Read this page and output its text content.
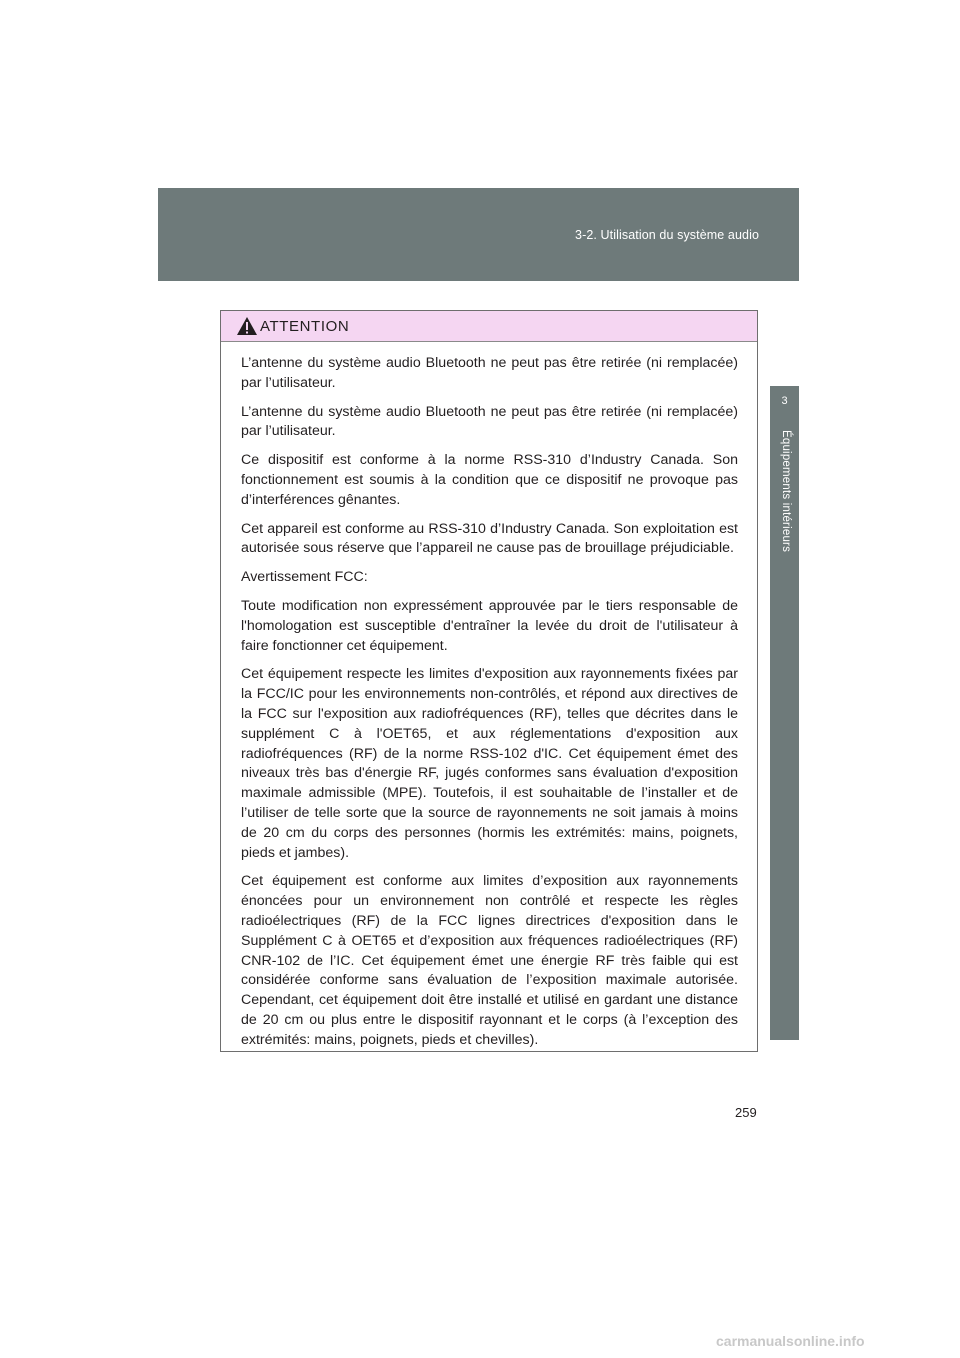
3-2. Utilisation du système audio
3
Équipements intérieurs
ATTENTION

L’antenne du système audio Bluetooth ne peut pas être retirée (ni remplacée) par l’utilisateur.

L’antenne du système audio Bluetooth ne peut pas être retirée (ni remplacée) par l’utilisateur.

Ce dispositif est conforme à la norme RSS-310 d’Industry Canada. Son fonctionnement est soumis à la condition que ce dispositif ne provoque pas d’interférences gênantes.

Cet appareil est conforme au RSS-310 d’Industry Canada. Son exploitation est autorisée sous réserve que l’appareil ne cause pas de brouillage préjudiciable.

Avertissement FCC:

Toute modification non expressément approuvée par le tiers responsable de l'homologation est susceptible d'entraîner la levée du droit de l'utilisateur à faire fonctionner cet équipement.

Cet équipement respecte les limites d'exposition aux rayonnements fixées par la FCC/IC pour les environnements non-contrôlés, et répond aux directives de la FCC sur l'exposition aux radiofréquences (RF), telles que décrites dans le supplément C à l'OET65, et aux réglementations d'exposition aux radiofréquences (RF) de la norme RSS-102 d'IC. Cet équipement émet des niveaux très bas d'énergie RF, jugés conformes sans évaluation d'exposition maximale admissible (MPE). Toutefois, il est souhaitable de l’installer et de l’utiliser de telle sorte que la source de rayonnements ne soit jamais à moins de 20 cm du corps des personnes (hormis les extrémités: mains, poignets, pieds et jambes).

Cet équipement est conforme aux limites d’exposition aux rayonnements énoncées pour un environnement non contrôlé et respecte les règles radioélectriques (RF) de la FCC lignes directrices d'exposition dans le Supplément C à OET65 et d’exposition aux fréquences radioélectriques (RF) CNR-102 de l’IC. Cet équipement émet une énergie RF très faible qui est considérée conforme sans évaluation de l’exposition maximale autorisée. Cependant, cet équipement doit être installé et utilisé en gardant une distance de 20 cm ou plus entre le dispositif rayonnant et le corps (à l’exception des extrémités: mains, poignets, pieds et chevilles).

259
carmanualsonline.info
